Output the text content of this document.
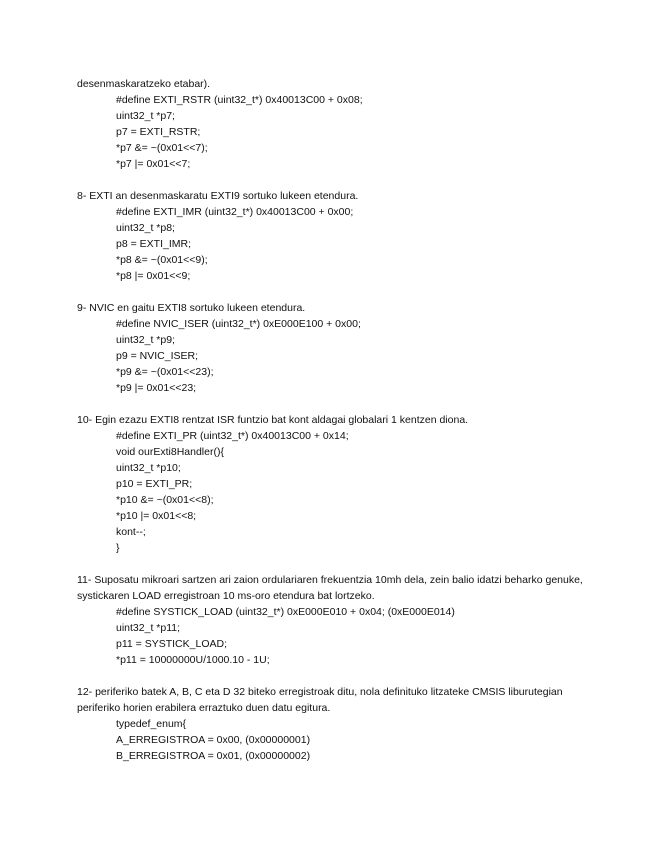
desenmaskaratzeko etabar).
#define EXTI_RSTR (uint32_t*) 0x40013C00 + 0x08;
uint32_t *p7;
p7 = EXTI_RSTR;
*p7 &= ~(0x01<<7);
*p7 |= 0x01<<7;
8- EXTI an desenmaskaratu EXTI9 sortuko lukeen etendura.
#define EXTI_IMR (uint32_t*) 0x40013C00 + 0x00;
uint32_t *p8;
p8 = EXTI_IMR;
*p8 &= ~(0x01<<9);
*p8 |= 0x01<<9;
9- NVIC en gaitu EXTI8 sortuko lukeen etendura.
#define NVIC_ISER (uint32_t*) 0xE000E100 + 0x00;
uint32_t *p9;
p9 = NVIC_ISER;
*p9 &= ~(0x01<<23);
*p9 |= 0x01<<23;
10- Egin ezazu EXTI8 rentzat ISR funtzio bat kont aldagai globalari 1 kentzen diona.
#define EXTI_PR (uint32_t*) 0x40013C00 + 0x14;
void ourExti8Handler(){
uint32_t *p10;
p10 = EXTI_PR;
*p10 &= ~(0x01<<8);
*p10 |= 0x01<<8;
kont--;
}
11- Suposatu mikroari sartzen ari zaion ordulariaren frekuentzia 10mh dela, zein balio idatzi beharko genuke, systickaren LOAD erregistroan 10 ms-oro etendura bat lortzeko.
#define SYSTICK_LOAD (uint32_t*) 0xE000E010 + 0x04; (0xE000E014)
uint32_t *p11;
p11 = SYSTICK_LOAD;
*p11 = 10000000U/1000.10 - 1U;
12- periferiko batek A, B, C eta D 32 biteko erregistroak ditu, nola definituko litzateke CMSIS liburutegian periferiko horien erabilera erraztuko duen datu egitura.
typedef_enum{
A_ERREGISTROA = 0x00, (0x00000001)
B_ERREGISTROA = 0x01, (0x00000002)
